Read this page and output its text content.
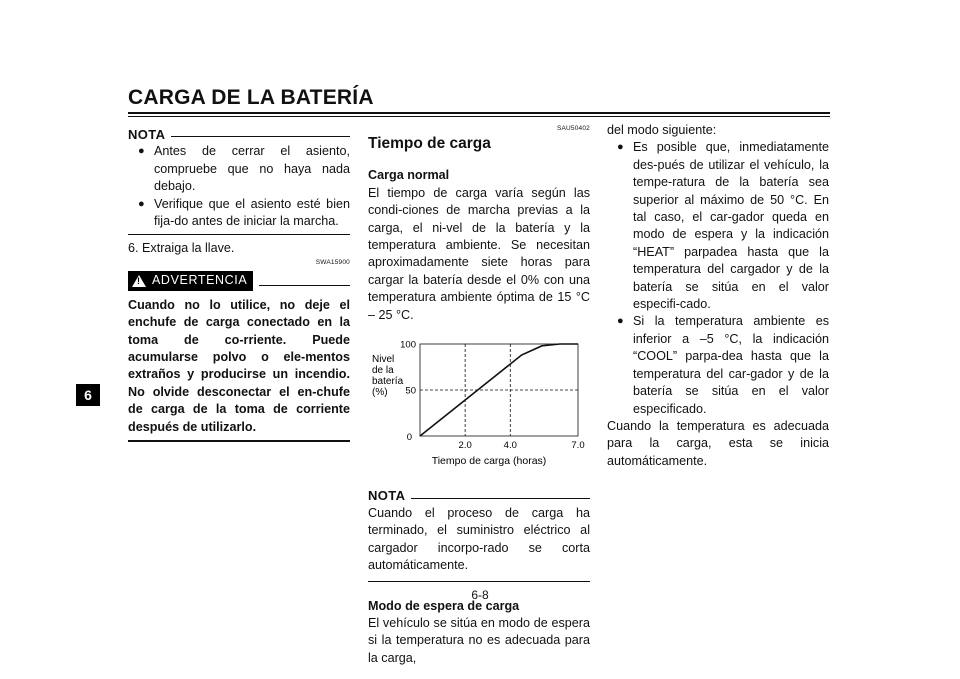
CARGA DE LA BATERÍA
6
NOTA
● Antes de cerrar el asiento, compruebe que no haya nada debajo.
● Verifique que el asiento esté bien fija-do antes de iniciar la marcha.
6. Extraiga la llave.
SWA15900
! ADVERTENCIA
Cuando no lo utilice, no deje el enchufe de carga conectado en la toma de co-rriente. Puede acumularse polvo o ele-mentos extraños y producirse un incendio. No olvide desconectar el en-chufe de carga de la toma de corriente después de utilizarlo.
SAU50402
Tiempo de carga
Carga normal
El tiempo de carga varía según las condi-ciones de marcha previas a la carga, el ni-vel de la batería y la temperatura ambiente. Se necesitan aproximadamente siete horas para cargar la batería desde el 0% con una temperatura ambiente óptima de 15 °C – 25 °C.
Nivel
de la
batería
(%)
100
50
2.0	4.0	7.0
0
Tiempo de carga (horas)
NOTA
Cuando el proceso de carga ha terminado, el suministro eléctrico al cargador incorpo-rado se corta automáticamente.
Modo de espera de carga
El vehículo se sitúa en modo de espera si la temperatura no es adecuada para la carga,
del modo siguiente:
● Es posible que, inmediatamente des-pués de utilizar el vehículo, la tempe-ratura de la batería sea superior al máximo de 50 °C. En tal caso, el car-gador queda en modo de espera y la indicación “HEAT” parpadea hasta que la temperatura del cargador y de la batería se sitúa en el valor especifi-cado.
● Si la temperatura ambiente es inferior a –5 °C, la indicación “COOL” parpa-dea hasta que la temperatura del car-gador y de la batería se sitúa en el valor especificado.
Cuando la temperatura es adecuada para la carga, esta se inicia automáticamente.
6-8
